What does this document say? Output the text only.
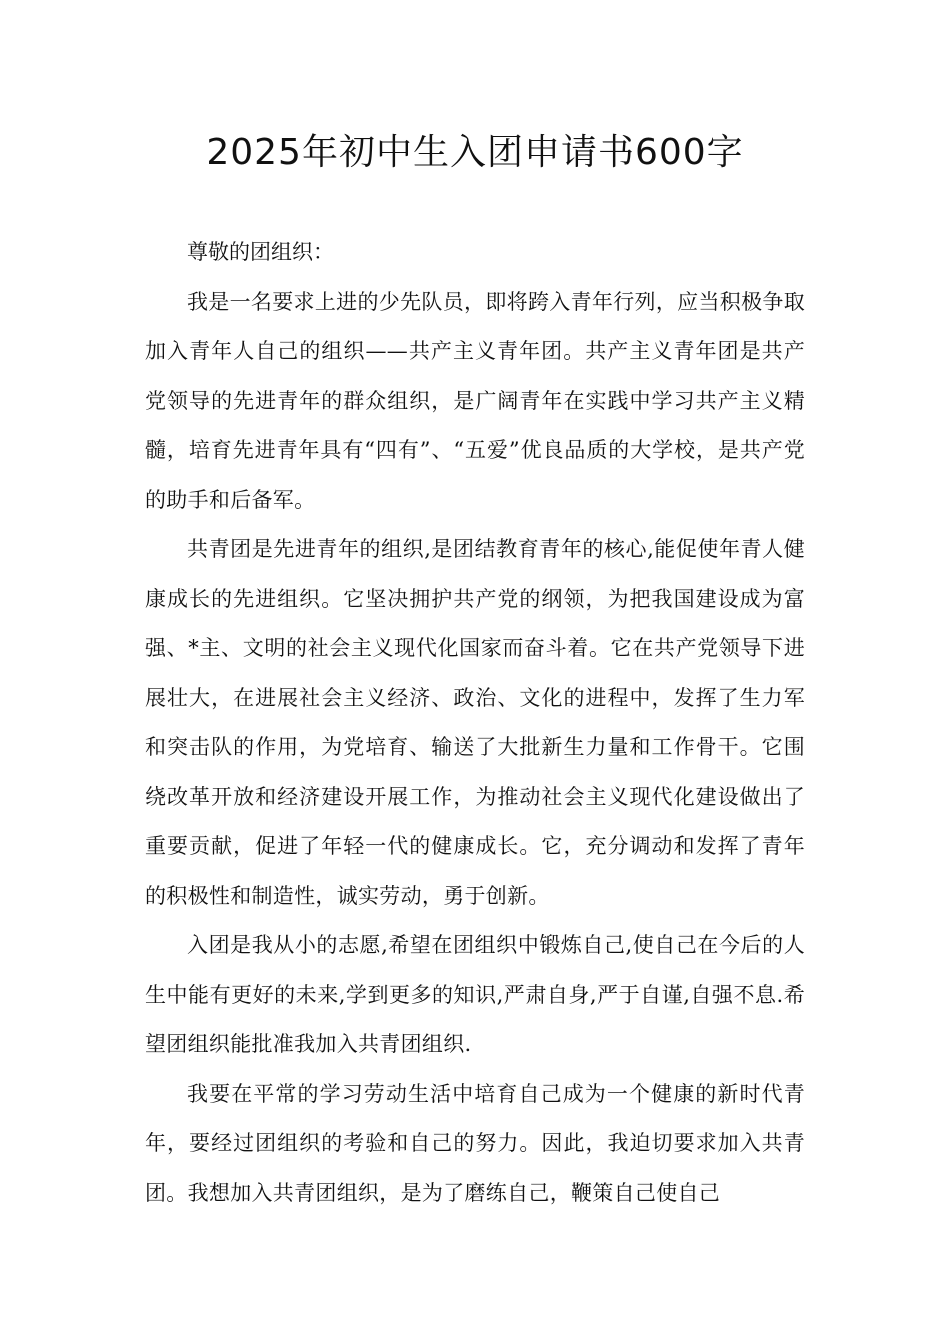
2025年初中生入团申请书600字

尊敬的团组织：

我是一名要求上进的少先队员，即将跨入青年行列，应当积极争取加入青年人自己的组织——共产主义青年团。共产主义青年团是共产党领导的先进青年的群众组织，是广阔青年在实践中学习共产主义精髓，培育先进青年具有“四有”、“五爱”优良品质的大学校，是共产党的助手和后备军。

共青团是先进青年的组织,是团结教育青年的核心,能促使年青人健康成长的先进组织。它坚决拥护共产党的纲领，为把我国建设成为富强、*主、文明的社会主义现代化国家而奋斗着。它在共产党领导下进展壮大，在进展社会主义经济、政治、文化的进程中，发挥了生力军和突击队的作用，为党培育、输送了大批新生力量和工作骨干。它围绕改革开放和经济建设开展工作，为推动社会主义现代化建设做出了重要贡献，促进了年轻一代的健康成长。它，充分调动和发挥了青年的积极性和制造性，诚实劳动，勇于创新。

入团是我从小的志愿,希望在团组织中锻炼自己,使自己在今后的人生中能有更好的未来,学到更多的知识,严肃自身,严于自谨,自强不息.希望团组织能批准我加入共青团组织.

我要在平常的学习劳动生活中培育自己成为一个健康的新时代青年，要经过团组织的考验和自己的努力。因此，我迫切要求加入共青团。我想加入共青团组织，是为了磨练自己，鞭策自己使自己
